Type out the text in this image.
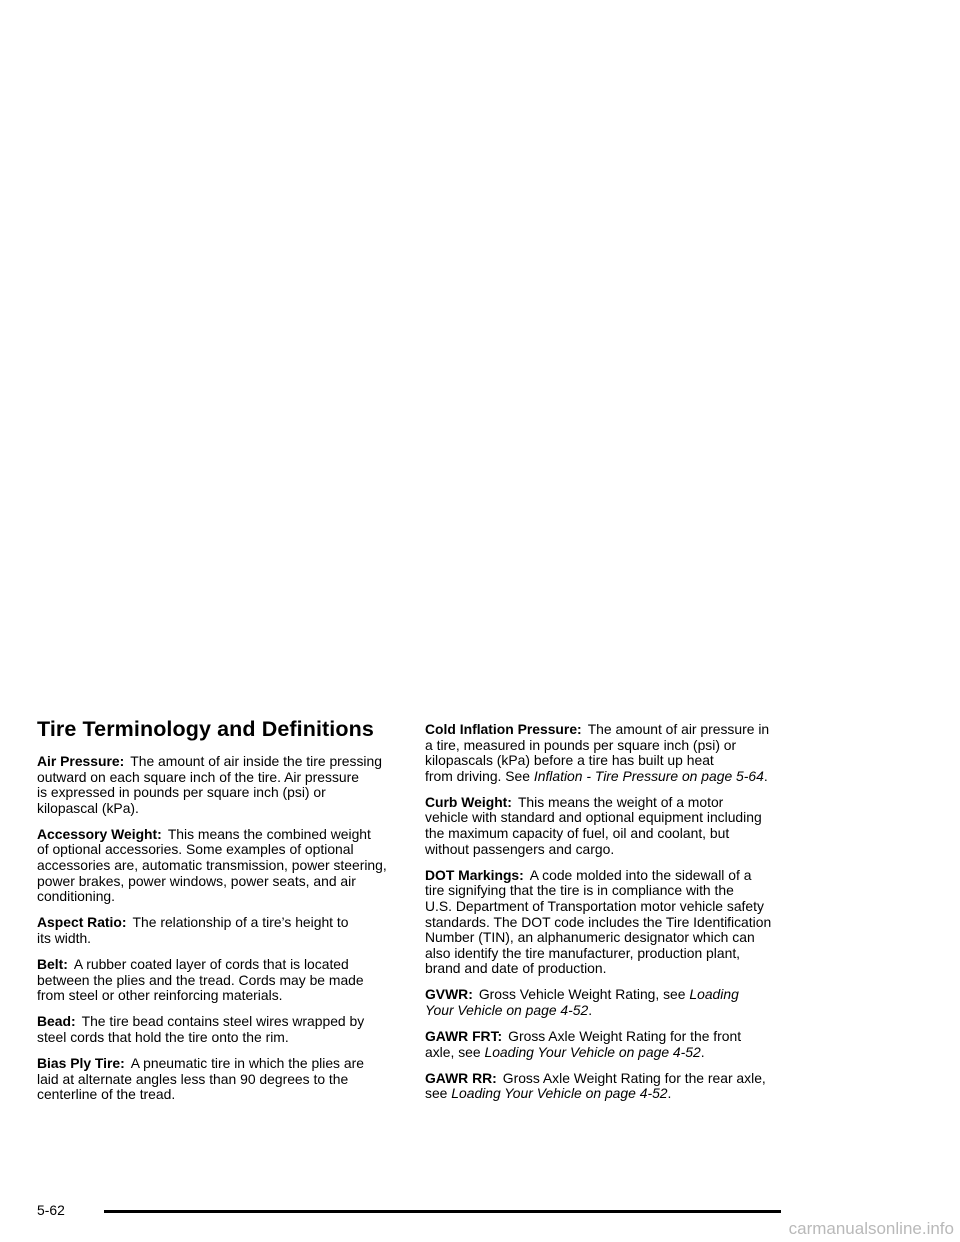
Tire Terminology and Definitions

Air Pressure: The amount of air inside the tire pressing
outward on each square inch of the tire. Air pressure
is expressed in pounds per square inch (psi) or
kilopascal (kPa).

Accessory Weight: This means the combined weight
of optional accessories. Some examples of optional
accessories are, automatic transmission, power steering,
power brakes, power windows, power seats, and air
conditioning.

Aspect Ratio: The relationship of a tire’s height to
its width.

Belt: A rubber coated layer of cords that is located
between the plies and the tread. Cords may be made
from steel or other reinforcing materials.

Bead: The tire bead contains steel wires wrapped by
steel cords that hold the tire onto the rim.

Bias Ply Tire: A pneumatic tire in which the plies are
laid at alternate angles less than 90 degrees to the
centerline of the tread.

Cold Inflation Pressure: The amount of air pressure in
a tire, measured in pounds per square inch (psi) or
kilopascals (kPa) before a tire has built up heat
from driving. See Inflation - Tire Pressure on page 5-64.

Curb Weight: This means the weight of a motor
vehicle with standard and optional equipment including
the maximum capacity of fuel, oil and coolant, but
without passengers and cargo.

DOT Markings: A code molded into the sidewall of a
tire signifying that the tire is in compliance with the
U.S. Department of Transportation motor vehicle safety
standards. The DOT code includes the Tire Identification
Number (TIN), an alphanumeric designator which can
also identify the tire manufacturer, production plant,
brand and date of production.

GVWR: Gross Vehicle Weight Rating, see Loading
Your Vehicle on page 4-52.

GAWR FRT: Gross Axle Weight Rating for the front
axle, see Loading Your Vehicle on page 4-52.

GAWR RR: Gross Axle Weight Rating for the rear axle,
see Loading Your Vehicle on page 4-52.

5-62
carmanualsonline.info
